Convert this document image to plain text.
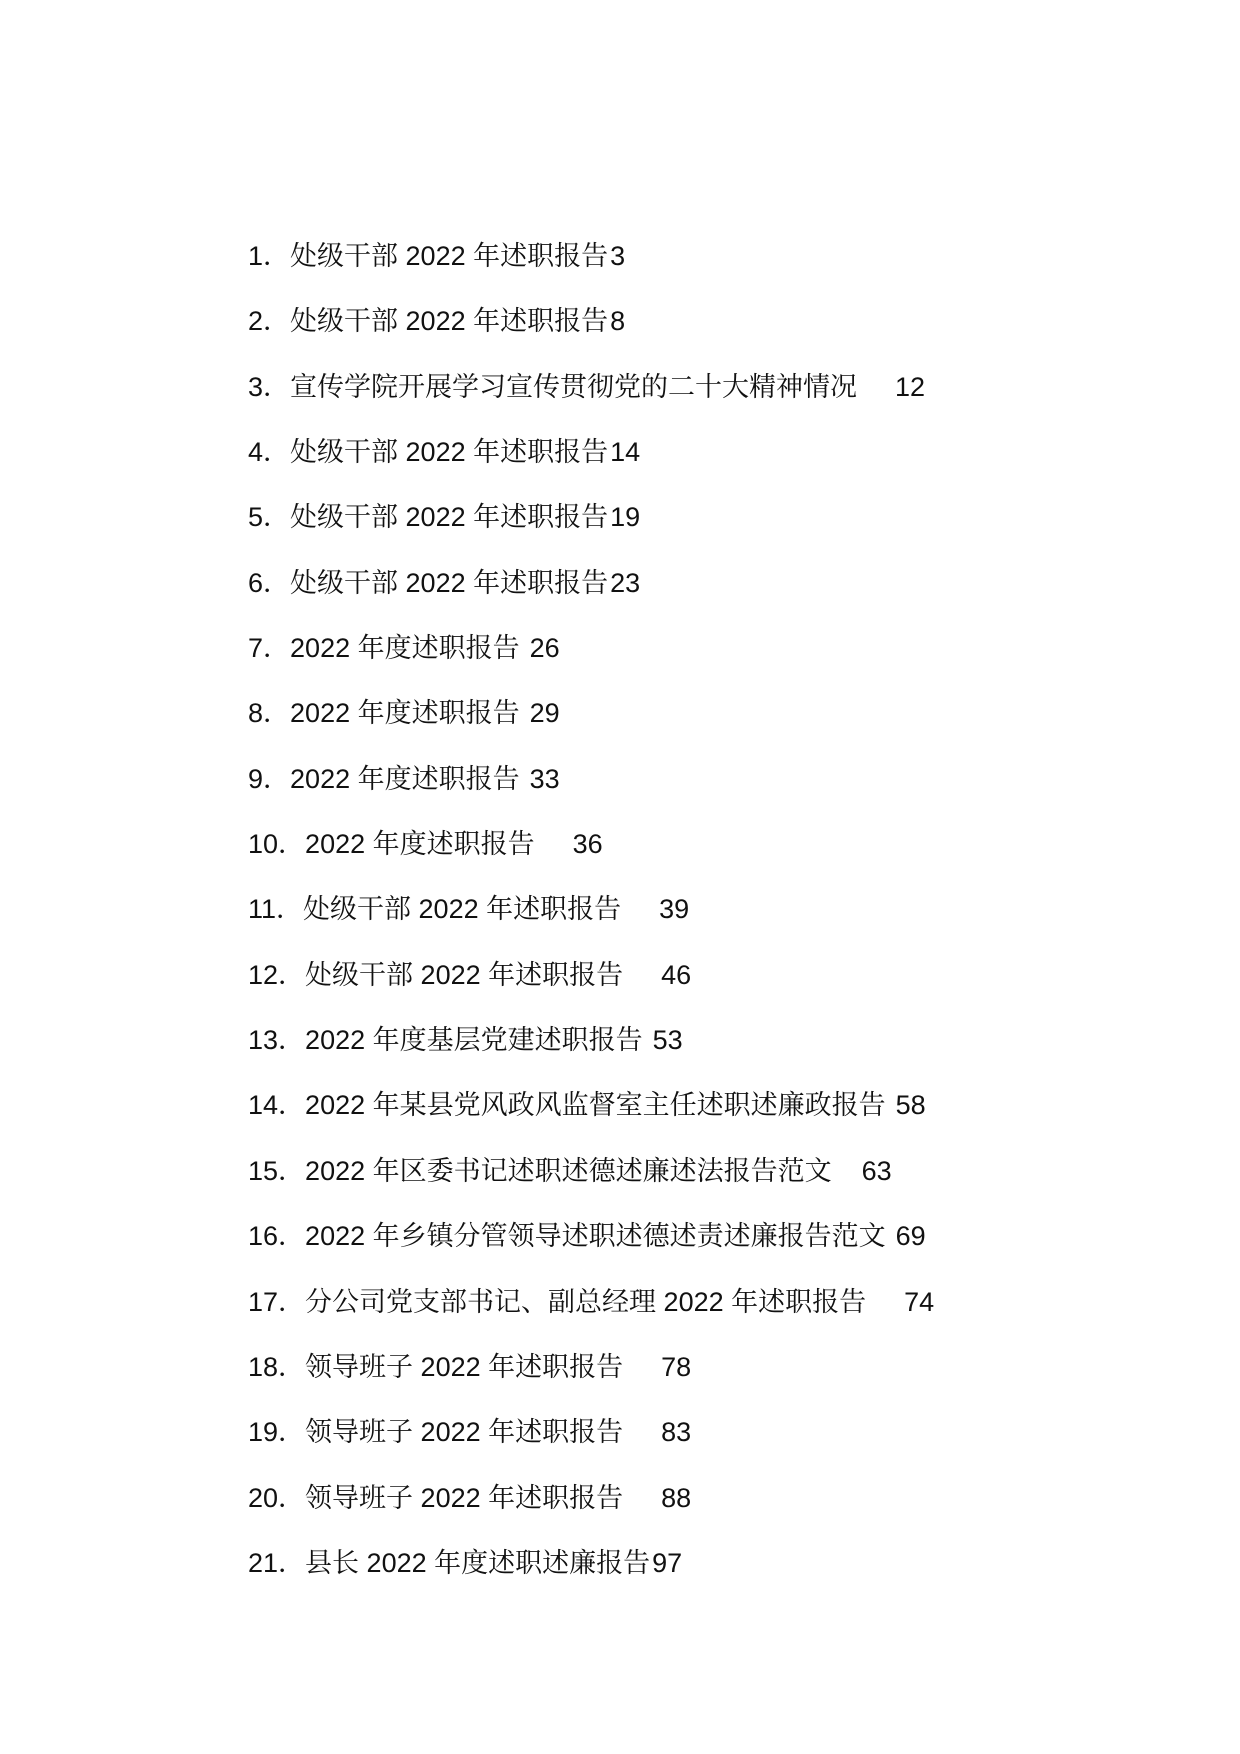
1．处级干部 2022 年述职报告3
2．处级干部 2022 年述职报告8
3．宣传学院开展学习宣传贯彻党的二十大精神情况 12
4．处级干部 2022 年述职报告14
5．处级干部 2022 年述职报告19
6．处级干部 2022 年述职报告23
7．2022 年度述职报告 26
8．2022 年度述职报告 29
9．2022 年度述职报告 33
10．2022 年度述职报告 36
11．处级干部 2022 年述职报告 39
12．处级干部 2022 年述职报告 46
13．2022 年度基层党建述职报告 53
14．2022 年某县党风政风监督室主任述职述廉政报告 58
15．2022 年区委书记述职述德述廉述法报告范文 63
16．2022 年乡镇分管领导述职述德述责述廉报告范文 69
17．分公司党支部书记、副总经理 2022 年述职报告 74
18．领导班子 2022 年述职报告 78
19．领导班子 2022 年述职报告 83
20．领导班子 2022 年述职报告 88
21．县长 2022 年度述职述廉报告97
